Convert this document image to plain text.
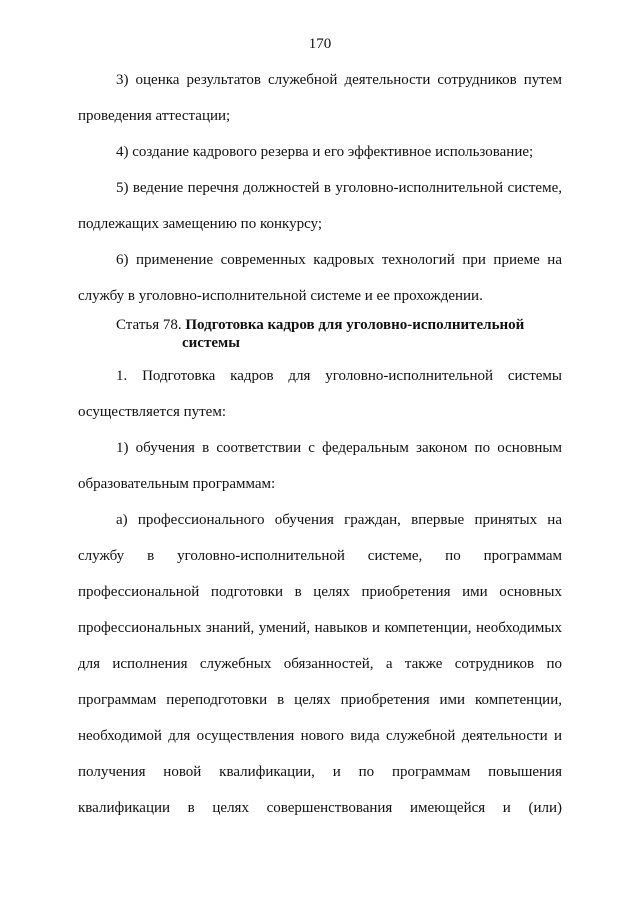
170
3) оценка результатов служебной деятельности сотрудников путем
проведения аттестации;
4) создание кадрового резерва и его эффективное использование;
5) ведение перечня должностей в уголовно-исполнительной системе,
подлежащих замещению по конкурсу;
6) применение современных кадровых технологий при приеме на
службу в уголовно-исполнительной системе и ее прохождении.
Статья 78. Подготовка кадров для уголовно-исполнительной
системы
1. Подготовка кадров для уголовно-исполнительной системы
осуществляется путем:
1) обучения в соответствии с федеральным законом по основным
образовательным программам:
а) профессионального обучения граждан, впервые принятых на
службу в уголовно-исполнительной системе, по программам
профессиональной подготовки в целях приобретения ими основных
профессиональных знаний, умений, навыков и компетенции, необходимых
для исполнения служебных обязанностей, а также сотрудников по
программам переподготовки в целях приобретения ими компетенции,
необходимой для осуществления нового вида служебной деятельности и
получения новой квалификации, и по программам повышения
квалификации в целях совершенствования имеющейся и (или)
